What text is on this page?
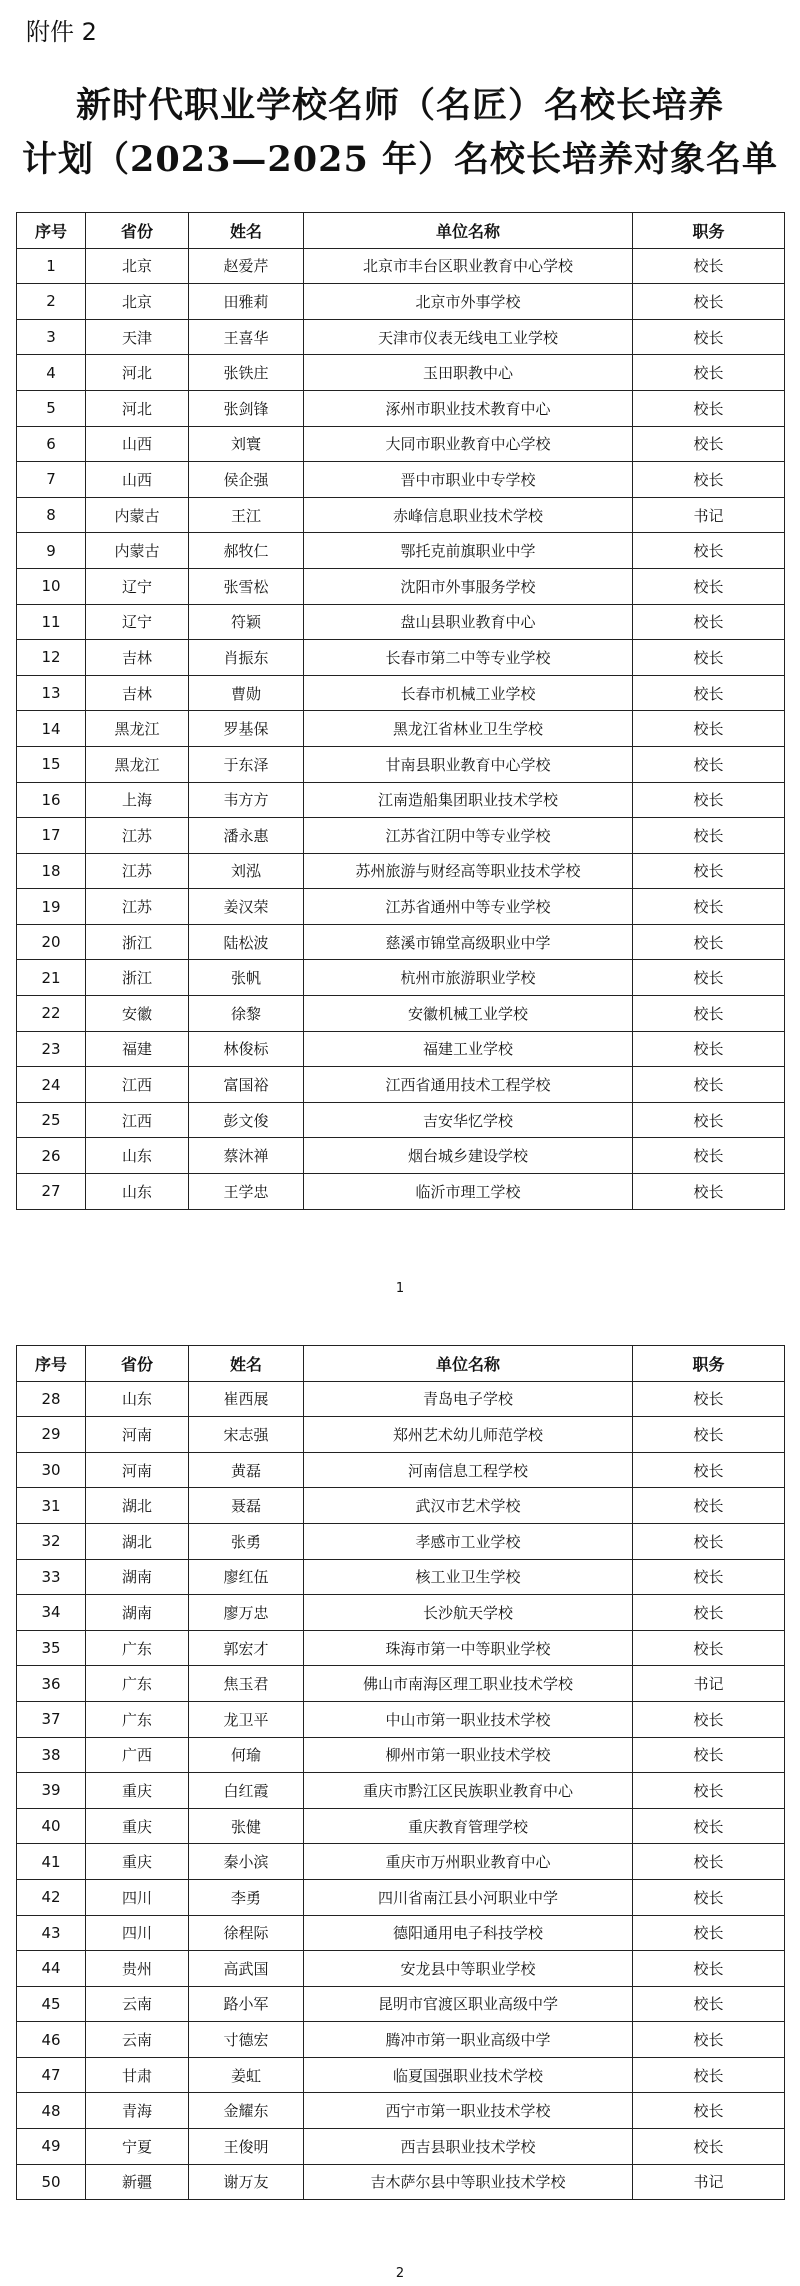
附件 2
新时代职业学校名师（名匠）名校长培养
计划（2023—2025 年）名校长培养对象名单
序号	省份	姓名	单位名称	职务
1	北京	赵爱芹	北京市丰台区职业教育中心学校	校长
2	北京	田雅莉	北京市外事学校	校长
3	天津	王喜华	天津市仪表无线电工业学校	校长
4	河北	张铁庄	玉田职教中心	校长
5	河北	张剑锋	涿州市职业技术教育中心	校长
6	山西	刘寰	大同市职业教育中心学校	校长
7	山西	侯企强	晋中市职业中专学校	校长
8	内蒙古	王江	赤峰信息职业技术学校	书记
9	内蒙古	郝牧仁	鄂托克前旗职业中学	校长
10	辽宁	张雪松	沈阳市外事服务学校	校长
11	辽宁	符颖	盘山县职业教育中心	校长
12	吉林	肖振东	长春市第二中等专业学校	校长
13	吉林	曹勋	长春市机械工业学校	校长
14	黑龙江	罗基保	黑龙江省林业卫生学校	校长
15	黑龙江	于东泽	甘南县职业教育中心学校	校长
16	上海	韦方方	江南造船集团职业技术学校	校长
17	江苏	潘永惠	江苏省江阴中等专业学校	校长
18	江苏	刘泓	苏州旅游与财经高等职业技术学校	校长
19	江苏	姜汉荣	江苏省通州中等专业学校	校长
20	浙江	陆松波	慈溪市锦堂高级职业中学	校长
21	浙江	张帆	杭州市旅游职业学校	校长
22	安徽	徐黎	安徽机械工业学校	校长
23	福建	林俊标	福建工业学校	校长
24	江西	富国裕	江西省通用技术工程学校	校长
25	江西	彭文俊	吉安华忆学校	校长
26	山东	蔡沐禅	烟台城乡建设学校	校长
27	山东	王学忠	临沂市理工学校	校长
1
序号	省份	姓名	单位名称	职务
28	山东	崔西展	青岛电子学校	校长
29	河南	宋志强	郑州艺术幼儿师范学校	校长
30	河南	黄磊	河南信息工程学校	校长
31	湖北	聂磊	武汉市艺术学校	校长
32	湖北	张勇	孝感市工业学校	校长
33	湖南	廖红伍	核工业卫生学校	校长
34	湖南	廖万忠	长沙航天学校	校长
35	广东	郭宏才	珠海市第一中等职业学校	校长
36	广东	焦玉君	佛山市南海区理工职业技术学校	书记
37	广东	龙卫平	中山市第一职业技术学校	校长
38	广西	何瑜	柳州市第一职业技术学校	校长
39	重庆	白红霞	重庆市黔江区民族职业教育中心	校长
40	重庆	张健	重庆教育管理学校	校长
41	重庆	秦小滨	重庆市万州职业教育中心	校长
42	四川	李勇	四川省南江县小河职业中学	校长
43	四川	徐程际	德阳通用电子科技学校	校长
44	贵州	高武国	安龙县中等职业学校	校长
45	云南	路小军	昆明市官渡区职业高级中学	校长
46	云南	寸德宏	腾冲市第一职业高级中学	校长
47	甘肃	姜虹	临夏国强职业技术学校	校长
48	青海	金耀东	西宁市第一职业技术学校	校长
49	宁夏	王俊明	西吉县职业技术学校	校长
50	新疆	谢万友	吉木萨尔县中等职业技术学校	书记
2
